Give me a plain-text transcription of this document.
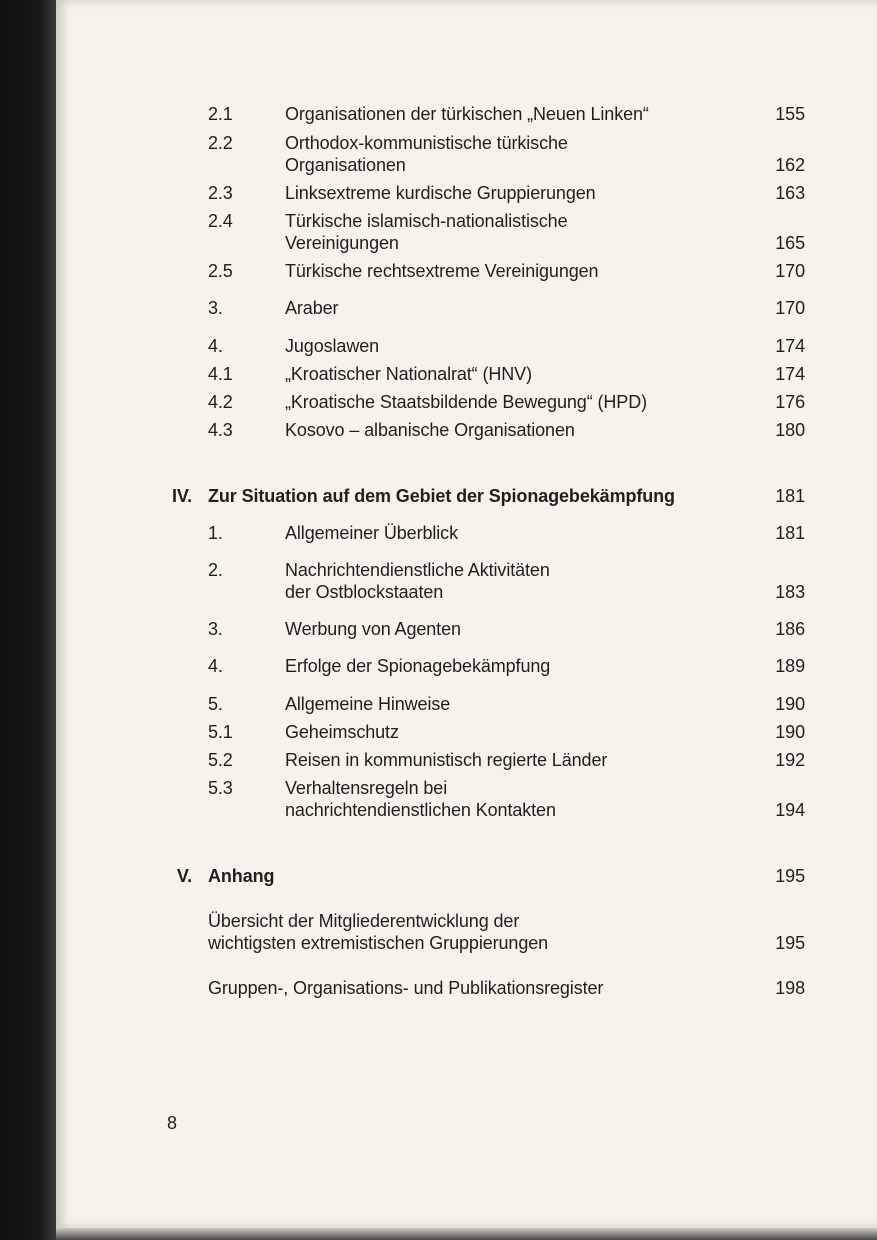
2.1	Organisationen der türkischen „Neuen Linken“	155
2.2	Orthodox-kommunistische türkische
Organisationen	162
2.3	Linksextreme kurdische Gruppierungen	163
2.4	Türkische islamisch-nationalistische
Vereinigungen	165
2.5	Türkische rechtsextreme Vereinigungen	170
3.	Araber	170
4.	Jugoslawen	174
4.1	„Kroatischer Nationalrat“ (HNV)	174
4.2	„Kroatische Staatsbildende Bewegung“ (HPD)	176
4.3	Kosovo – albanische Organisationen	180
IV. Zur Situation auf dem Gebiet der Spionagebekämpfung	181
1.	Allgemeiner Überblick	181
2.	Nachrichtendienstliche Aktivitäten
der Ostblockstaaten	183
3.	Werbung von Agenten	186
4.	Erfolge der Spionagebekämpfung	189
5.	Allgemeine Hinweise	190
5.1	Geheimschutz	190
5.2	Reisen in kommunistisch regierte Länder	192
5.3	Verhaltensregeln bei
nachrichtendienstlichen Kontakten	194
V. Anhang	195
Übersicht der Mitgliederentwicklung der
wichtigsten extremistischen Gruppierungen	195
Gruppen-, Organisations- und Publikationsregister	198
8
